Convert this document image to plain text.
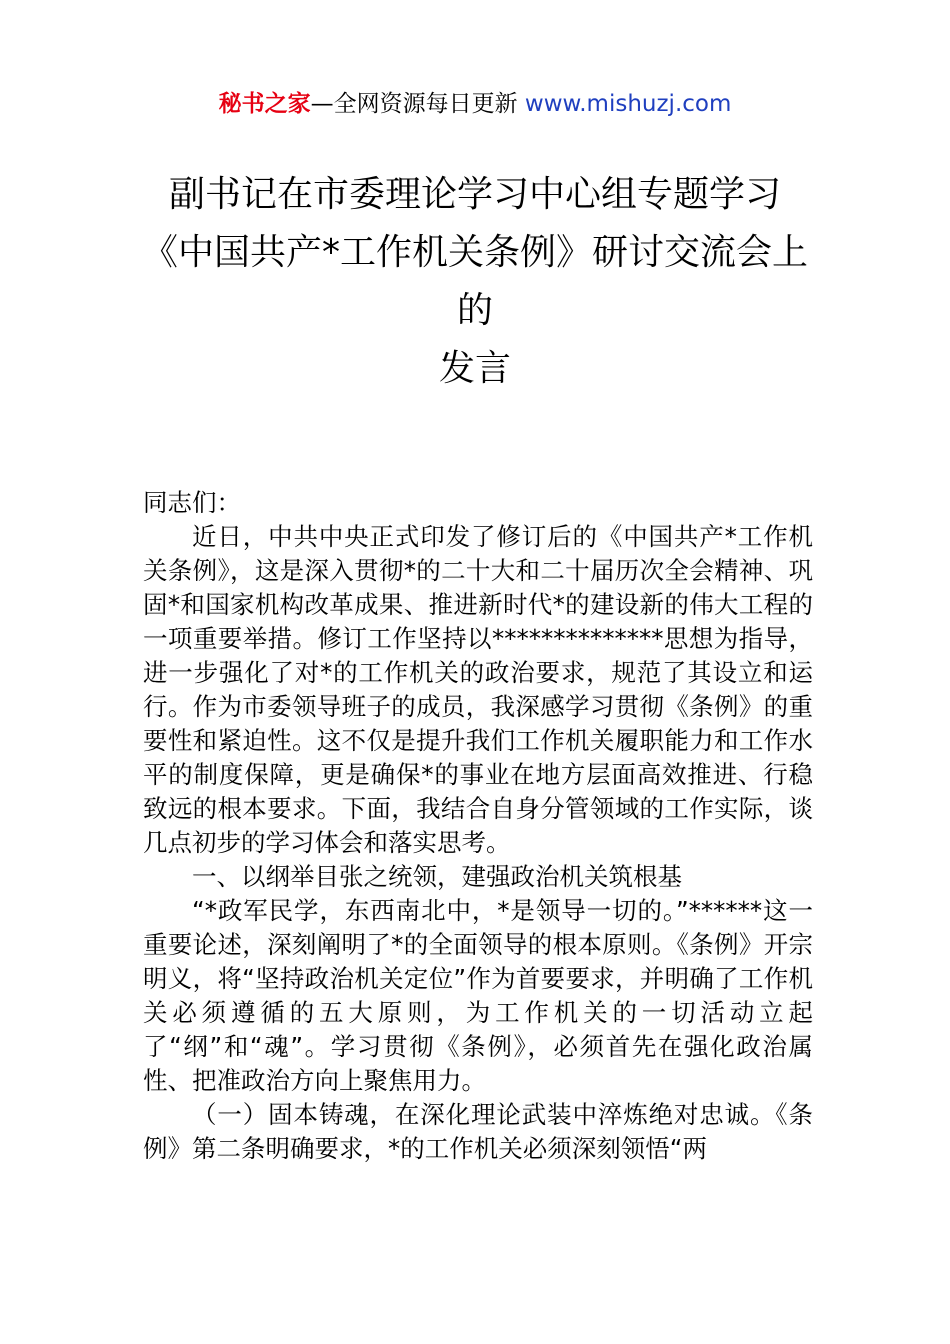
秘书之家—全网资源每日更新 www.mishuzj.com
副书记在市委理论学习中心组专题学习
《中国共产*工作机关条例》研讨交流会上
的
发言

同志们：

近日，中共中央正式印发了修订后的《中国共产*工作机关条例》，这是深入贯彻*的二十大和二十届历次全会精神、巩固*和国家机构改革成果、推进新时代*的建设新的伟大工程的一项重要举措。修订工作坚持以**************思想为指导，进一步强化了对*的工作机关的政治要求，规范了其设立和运行。作为市委领导班子的成员，我深感学习贯彻《条例》的重要性和紧迫性。这不仅是提升我们工作机关履职能力和工作水平的制度保障，更是确保*的事业在地方层面高效推进、行稳致远的根本要求。下面，我结合自身分管领域的工作实际，谈几点初步的学习体会和落实思考。

一、以纲举目张之统领，建强政治机关筑根基

“*政军民学，东西南北中，*是领导一切的。”******这一重要论述，深刻阐明了*的全面领导的根本原则。《条例》开宗明义，将“坚持政治机关定位”作为首要要求，并明确了工作机关必须遵循的五大原则，为工作机关的一切活动立起了“纲”和“魂”。学习贯彻《条例》，必须首先在强化政治属性、把准政治方向上聚焦用力。

（一）固本铸魂，在深化理论武装中淬炼绝对忠诚。《条例》第二条明确要求，*的工作机关必须深刻领悟“两
